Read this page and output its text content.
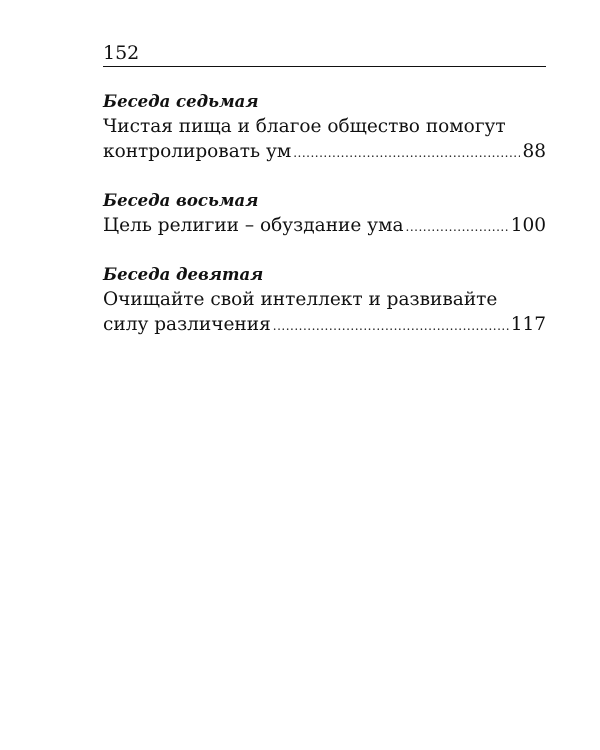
152
Беседа седьмая
Чистая пища и благое общество помогут
контролировать ум .....	88
Беседа восьмая
Цель религии – обуздание ума .....	100
Беседа девятая
Очищайте свой интеллект и развивайте
силу различения .....	117
